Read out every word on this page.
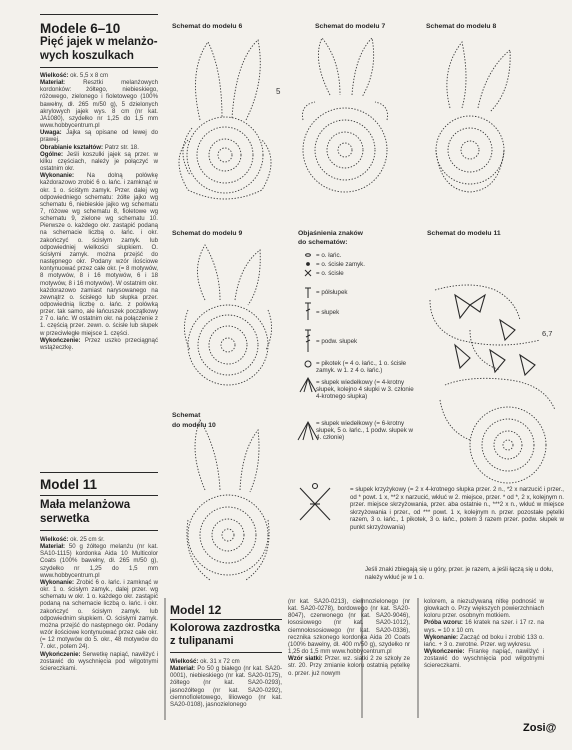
Modele 6–10
Pięć jajek w melanżo-
wych koszulkach
Wielkość: ok. 5,5 x 8 cm
Materiał:	Resztki melanżowych kordonków: żółtego, niebieskiego, różowego, zielonego i fioletowego (100% bawełny, dł. 265 m/50 g), 5 dzielonych akrylowych jajek wys. 8 cm (nr kat. JA1080), szydełko nr 1,25 do 1,5 mm www.hobbycentrum.pl
Uwaga: Jajka są opisane od lewej do prawej.
Obrabianie kształtów: Patrz str. 18.
Ogólne: Jeśli koszulki jajek są przer. w kilku częściach, należy je połączyć w ostatnim okr.
Wykonanie: Na dolną połówkę każdorazowo zrobić 6 o. łańc. i zamknąć w okr. 1 o. ściśtym zamyk. Przer. dalej wg odpowiedniego schematu: żółte jajko wg schematu 6, niebieskie jajko wg schematu 7, różowe wg schematu 8, fioletowe wg schematu 9, zielone wg schematu 10. Pierwsze o. każdego okr. zastąpić podaną na schemacie liczbą o. łańc. i okr. zakończyć o. ścisłym zamyk. lub odpowiedniej wielkości słupkiem. O. ścisłymi zamyk. można przejść do następnego okr. Podany wzór ilościowe kontynuować przez całe okr. (= 8 motywów, 8 motywów, 8 i 16 motywów, 6 i 18 motywów, 8 i 16 motywów). W ostatnim okr. każdorazowo zamiast narysowanego na zewnątrz o. ścisłego lub słupka przer. odpowiednią liczbę o. łańc. z połówką przer. tak samo, ale łańcuszek początkowy z 7 o. łańc. W ostatnim okr. na połączenie z 1. częścią przer. zewn. o. ścisłe lub słupek w przeciwległe miejsce 1. części.
Wykończenie: Przez uszko przeciągnąć wstążeczkę.
Model 11
Mała melanżowa
serwetka
Wielkość: ok. 25 cm śr.
Materiał: 50 g żółtego melanżu (nr kat. SA10-1115) kordonka Aida 10 Multicolor Coats (100% bawełny, dł. 265 m/50 g), szydełko nr 1,25 do 1,5 mm www.hobbycentrum.pl
Wykonanie: Zrobić 6 o. łańc. i zamknąć w okr. 1 o. ścisłym zamyk., dalej przer. wg schematu w okr. 1 o. każdego okr. zastąpić podaną na schemacie liczbą o. łańc. i okr. zakończyć o. ścisłym zamyk. lub odpowiednim słupkiem. O. ścisłymi zamyk. można przejść do następnego okr. Podany wzór ilościowe kontynuować przez całe okr. (= 12 motywów do 5. okr., 48 motywów do 7. okr., potem 24).
Wykończenie: Serwetkę napiąć, nawilżyć i zostawić do wyschnięcia pod wilgotnymi ściereczkami.
Schemat do modelu 6	Schemat do modelu 7	Schemat do modelu 8
Schemat do modelu 9
Schemat
do modelu 10
Schemat do modelu 11
Objaśnienia znaków
do schematów:
= o. łańc.
= o. ścisłe zamyk.
= o. ścisłe
= półsłupek
= słupek
= podw. słupek
= pikotek (= 4 o. łańc., 1 o. ścisłe zamyk. w 1. z 4 o. łańc.)
= słupek wiedełkowy (= 4-krotny słupek, kolejno 4 słupki w 3. członie 4-krotnego słupka)
= słupek wiedełkowy (= 6-krotny słupek, 5 o. łańc., 1 podw. słupek w 4. członie)
= słupek krzyżykowy (= 2 x 4-krotnego słupka przer. 2 n., *2 x narzucić i przer., od * powt. 1 x, **2 x narzucić, wkłuć w 2. miejsce, przer. * od *, 2 x, kolejnym n. przer. miejsce skrzyżowania, przer. aba ostatnie n., ***2 x n., wkłuć w miejsce skrzyżowania i przer., od *** powt. 1 x, kolejnym n. przer. pozostałe pętelki razem, 3 o. łańc., 1 pikotek, 3 o. łańc., potem 3 razem przer. podw. słupek w punkt skrzyżowania)
Jeśli znaki zbiegają się u góry, przer. je razem, a jeśli łączą się u dołu, należy wkłuć je w 1 o.
5
6,7
Model 12
Kolorowa zazdrostka
z tulipanami
Wielkość: ok. 31 x 72 cm
Materiał: Po 50 g białego (nr kat. SA20-0001), niebieskiego (nr kat. SA20-0175), żółtego (nr kat. SA20-0293), jasnożółtego (nr kat. SA20-0292), ciemnofioletowego, liliowego (nr kat. SA20-0108), jasnozielonego
(nr kat. SA20-0213), ciemnozielonego (nr kat. SA20-0278), bordowego (nr kat. SA20-8047), czerwonego (nr kat. SA20-9046), łososiowego (nr kat. SA20-1012), ciemnołososiowego (nr kat. SA20-0336), recznika szkonego kordonka Aida 20 Coats (100% bawełny, dł. 400 m/50 g), szydełko nr 1,25 do 1,5 mm www.hobbycentrum.pl
Wzór siatki: Przer. wz. siatki 2 ze szkoły ze str. 20. Przy zmianie koloru ostatnią pętelkę o. przer. już nowym
kolorem, a niezużywaną nitkę podnosić w głowkach o. Przy większych powierzchniach koloru przer. osobnym motkiem.
Próba wzoru: 16 kratek na szer. i 17 rz. na wys. = 10 x 10 cm.
Wykonanie: Zacząć od boku i zrobić 133 o. łańc. + 3 o. zwrotne. Przer. wg wykresu.
Wykończenie: Firankę napiąć, nawilżyć i zostawić do wyschnięcia pod wilgotnymi ściereczkami.
Zosi@
